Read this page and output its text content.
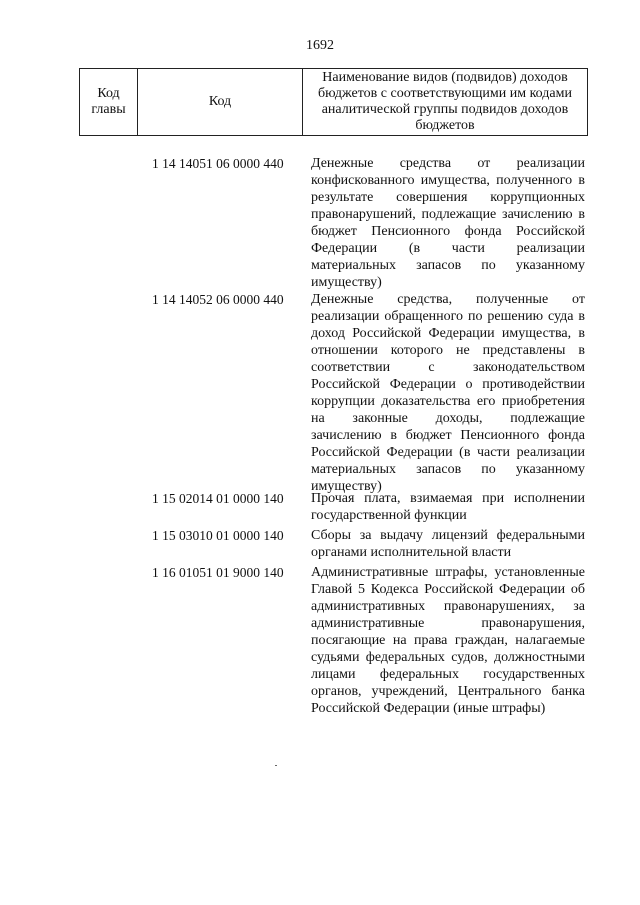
1692
Код
главы
Код
Наименование видов (подвидов) доходов бюджетов с соответствующими им кодами аналитической группы подвидов доходов бюджетов
1 14 14051 06 0000 440 Денежные средства от реализации конфискованного имущества, полученного в результате совершения коррупционных правонарушений, подлежащие зачислению в бюджет Пенсионного фонда Российской Федерации (в части реализации материальных запасов по указанному имуществу)
1 14 14052 06 0000 440 Денежные средства, полученные от реализации обращенного по решению суда в доход Российской Федерации имущества, в отношении которого не представлены в соответствии с законодательством Российской Федерации о противодействии коррупции доказательства его приобретения на законные доходы, подлежащие зачислению в бюджет Пенсионного фонда Российской Федерации (в части реализации материальных запасов по указанному имуществу)
1 15 02014 01 0000 140 Прочая плата, взимаемая при исполнении государственной функции
1 15 03010 01 0000 140 Сборы за выдачу лицензий федеральными органами исполнительной власти
1 16 01051 01 9000 140 Административные штрафы, установленные Главой 5 Кодекса Российской Федерации об административных правонарушениях, за административные правонарушения, посягающие на права граждан, налагаемые судьями федеральных судов, должностными лицами федеральных государственных органов, учреждений, Центрального банка Российской Федерации (иные штрафы)
